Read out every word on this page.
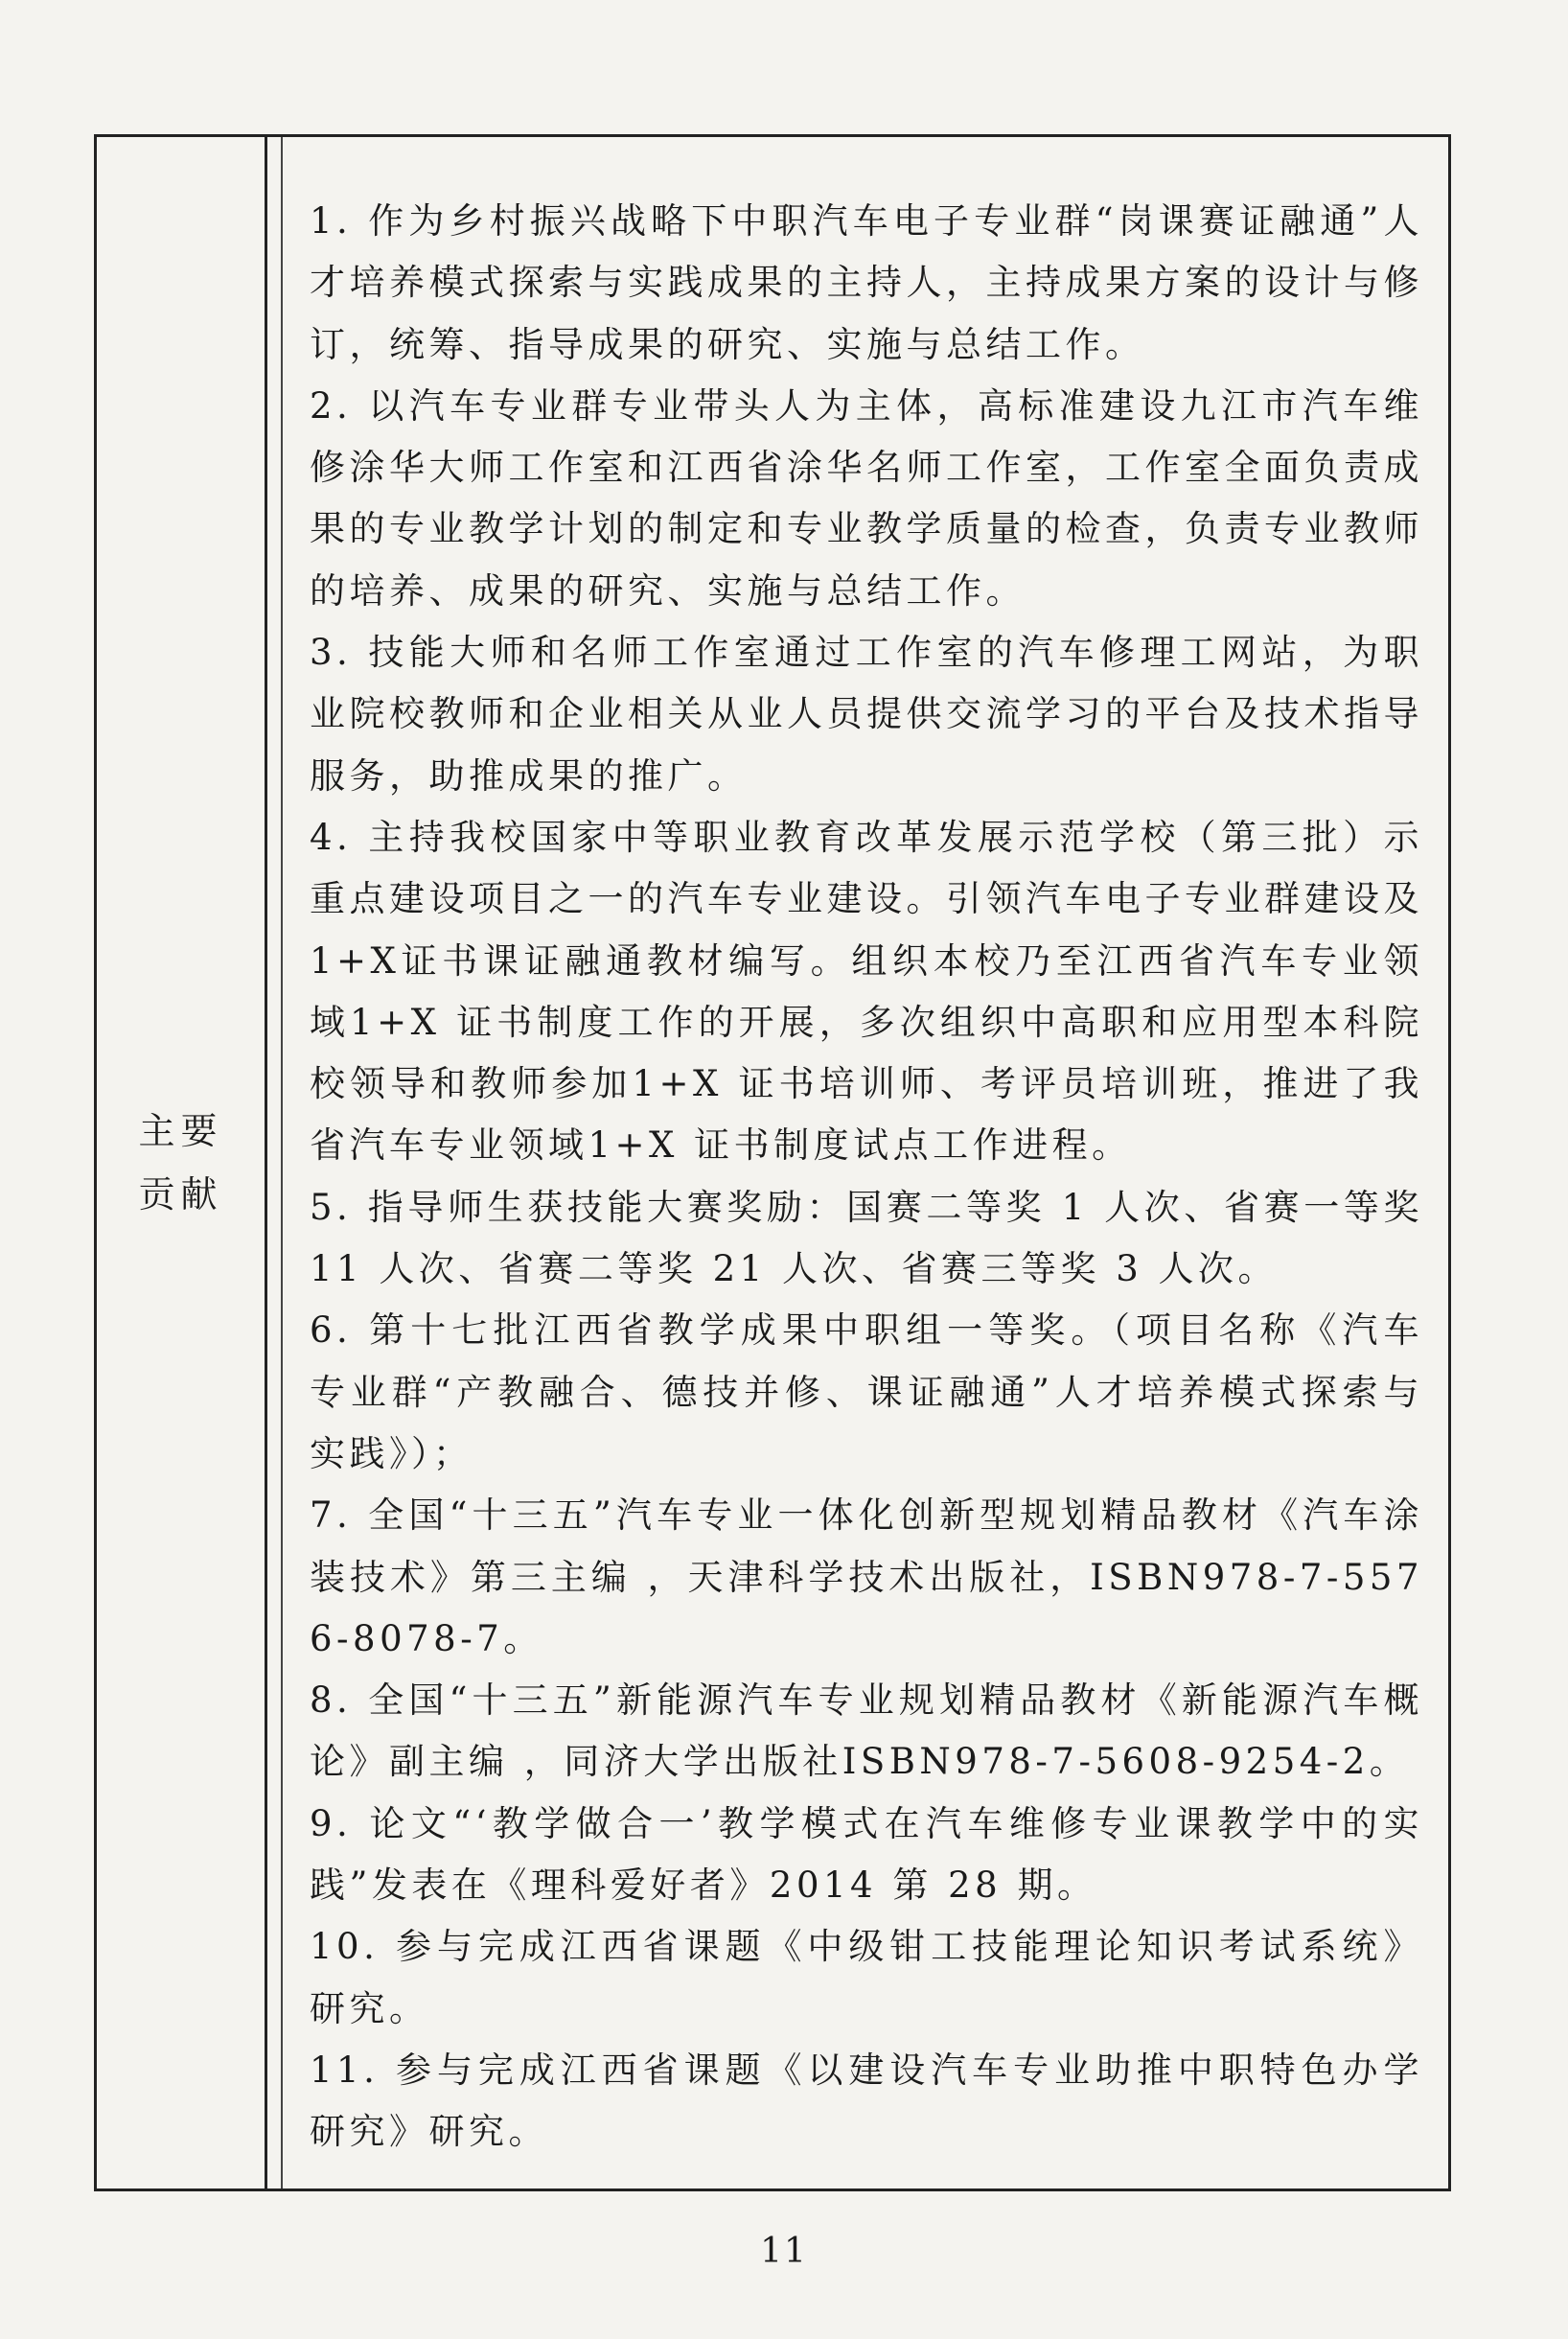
主要贡献

1. 作为乡村振兴战略下中职汽车电子专业群“岗课赛证融通”人才培养模式探索与实践成果的主持人，主持成果方案的设计与修订，统筹、指导成果的研究、实施与总结工作。

2. 以汽车专业群专业带头人为主体，高标准建设九江市汽车维修涂华大师工作室和江西省涂华名师工作室，工作室全面负责成果的专业教学计划的制定和专业教学质量的检查，负责专业教师的培养、成果的研究、实施与总结工作。

3. 技能大师和名师工作室通过工作室的汽车修理工网站，为职业院校教师和企业相关从业人员提供交流学习的平台及技术指导服务，助推成果的推广。

4. 主持我校国家中等职业教育改革发展示范学校（第三批）示重点建设项目之一的汽车专业建设。引领汽车电子专业群建设及1+X证书课证融通教材编写。组织本校乃至江西省汽车专业领域1+X 证书制度工作的开展，多次组织中高职和应用型本科院校领导和教师参加1+X 证书培训师、考评员培训班，推进了我省汽车专业领域1+X 证书制度试点工作进程。

5. 指导师生获技能大赛奖励：国赛二等奖 1 人次、省赛一等奖 11 人次、省赛二等奖 21 人次、省赛三等奖 3 人次。

6. 第十七批江西省教学成果中职组一等奖。（项目名称《汽车专业群“产教融合、德技并修、课证融通”人才培养模式探索与实践》）；

7. 全国“十三五”汽车专业一体化创新型规划精品教材《汽车涂装技术》第三主编 ，天津科学技术出版社，ISBN978-7-5576-8078-7。

8. 全国“十三五”新能源汽车专业规划精品教材《新能源汽车概论》副主编 ，同济大学出版社ISBN978-7-5608-9254-2。

9. 论文“‘教学做合一’教学模式在汽车维修专业课教学中的实践”发表在《理科爱好者》2014 第 28 期。

10. 参与完成江西省课题《中级钳工技能理论知识考试系统》研究。

11. 参与完成江西省课题《以建设汽车专业助推中职特色办学研究》研究。

11
